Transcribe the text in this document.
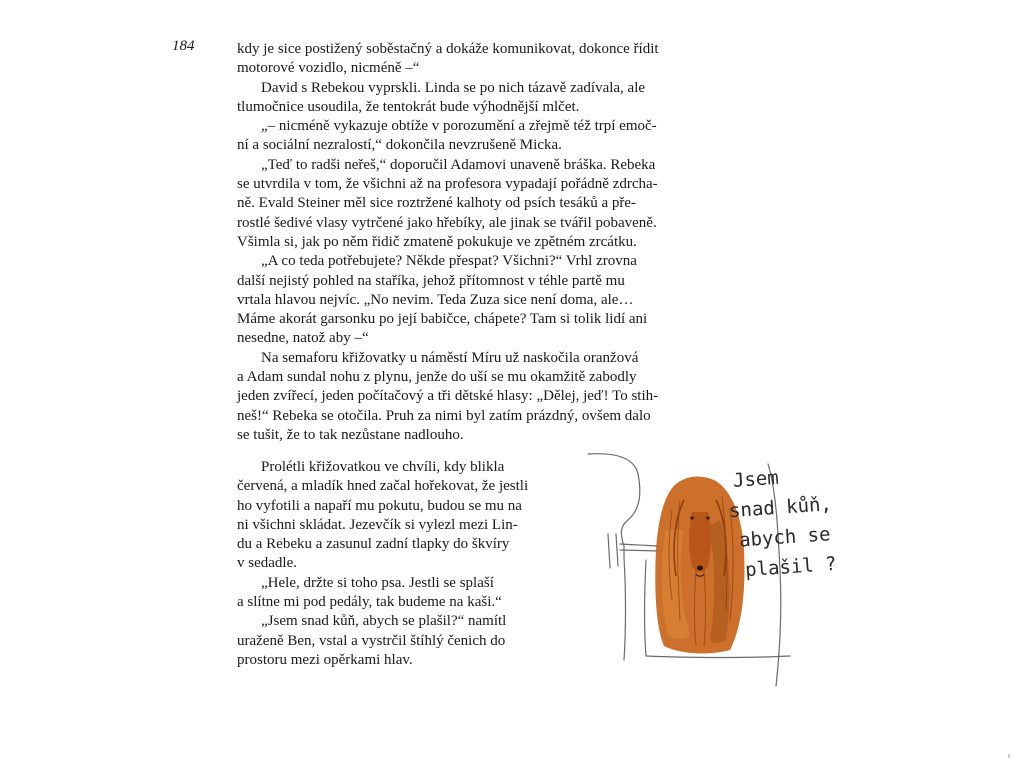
184	kdy je sice postižený soběstačný a dokáže komunikovat, dokonce řídit
motorové vozidlo, nicméně –“

David s Rebekou vyprskli. Linda se po nich tázavě zadívala, ale
tlumočnice usoudila, že tentokrát bude výhodnější mlčet.

„– nicméně vykazuje obtíže v porozumění a zřejmě též trpí emoč-
ní a sociální nezralostí,“ dokončila nevzrušeně Micka.

„Teď to radši neřeš,“ doporučil Adamovi unaveně bráška. Rebeka
se utvrdila v tom, že všichni až na profesora vypadají pořádně zdrcha-
ně. Evald Steiner měl sice roztržené kalhoty od psích tesáků a pře-
rostlé šedivé vlasy vytrčené jako hřebíky, ale jinak se tvářil pobaveně.
Všimla si, jak po něm řidič zmateně pokukuje ve zpětném zrcátku.

„A co teda potřebujete? Někde přespat? Všichni?“ Vrhl zrovna
další nejistý pohled na staříka, jehož přítomnost v téhle partě mu
vrtala hlavou nejvíc. „No nevim. Teda Zuza sice není doma, ale…
Máme akorát garsonku po její babičce, chápete? Tam si tolik lidí ani
nesedne, natož aby –“

Na semaforu křižovatky u náměstí Míru už naskočila oranžová
a Adam sundal nohu z plynu, jenže do uší se mu okamžitě zabodly
jeden zvířecí, jeden počítačový a tři dětské hlasy: „Dělej, jeď! To stih-
neš!“ Rebeka se otočila. Pruh za nimi byl zatím prázdný, ovšem dalo
se tušit, že to tak nezůstane nadlouho.

Prolétli křižovatkou ve chvíli, kdy blikla
červená, a mladík hned začal hořekovat, že jestli
ho vyfotili a napaří mu pokutu, budou se mu na
ni všichni skládat. Jezevčík si vylezl mezi Lin-
du a Rebeku a zasunul zadní tlapky do škvíry
v sedadle.

„Hele, držte si toho psa. Jestli se splaší
a slítne mi pod pedály, tak budeme na kaši.“

„Jsem snad kůň, abych se plašil?“ namítl
uraženě Ben, vstal a vystrčil štíhlý čenich do
prostoru mezi opěrkami hlav.

Jsem
snad kůň,
abych se
plašil ?
